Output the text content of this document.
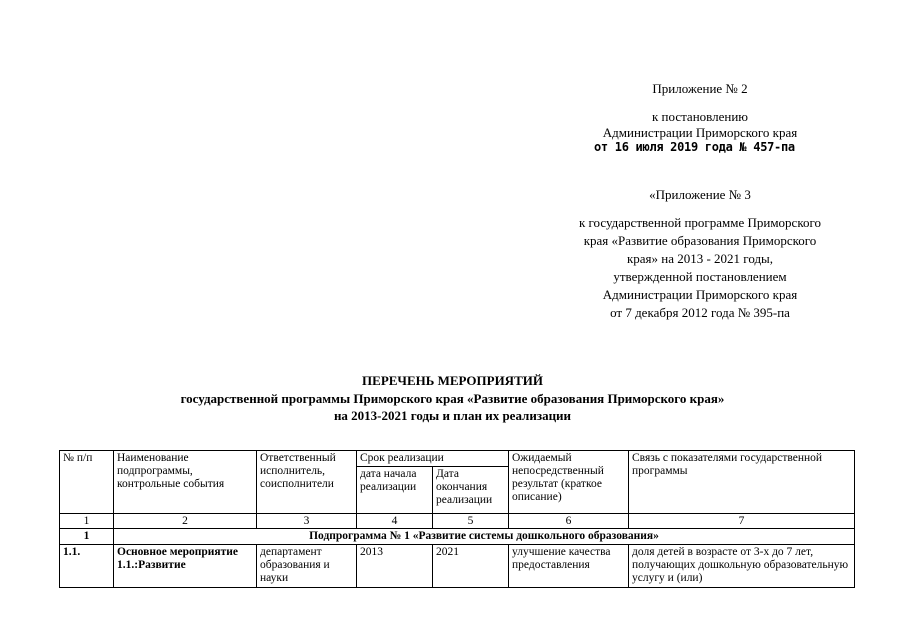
Приложение № 2
к постановлению
Администрации Приморского края
от 16 июля 2019 года № 457-па
«Приложение № 3
к государственной программе Приморского
края «Развитие образования Приморского
края» на 2013 - 2021 годы,
утвержденной постановлением
Администрации Приморского края
от 7 декабря 2012 года № 395-па
ПЕРЕЧЕНЬ МЕРОПРИЯТИЙ
государственной программы Приморского края «Развитие образования Приморского края»
на 2013-2021 годы и план их реализации
№ п/п	Наименование подпрограммы, контрольные события	Ответственный исполнитель, соисполнители	Срок реализации		Ожидаемый непосредственный результат (краткое описание)	Связь с показателями государственной программы
			дата начала реализации	Дата окончания реализации		
1	2	3	4	5	6	7
1	Подпрограмма № 1 «Развитие системы дошкольного образования»					
1.1.	Основное мероприятие 1.1.:Развитие	департамент образования и науки	2013	2021	улучшение качества предоставления	доля детей в возрасте от 3-х до 7 лет, получающих дошкольную образовательную услугу и (или)
